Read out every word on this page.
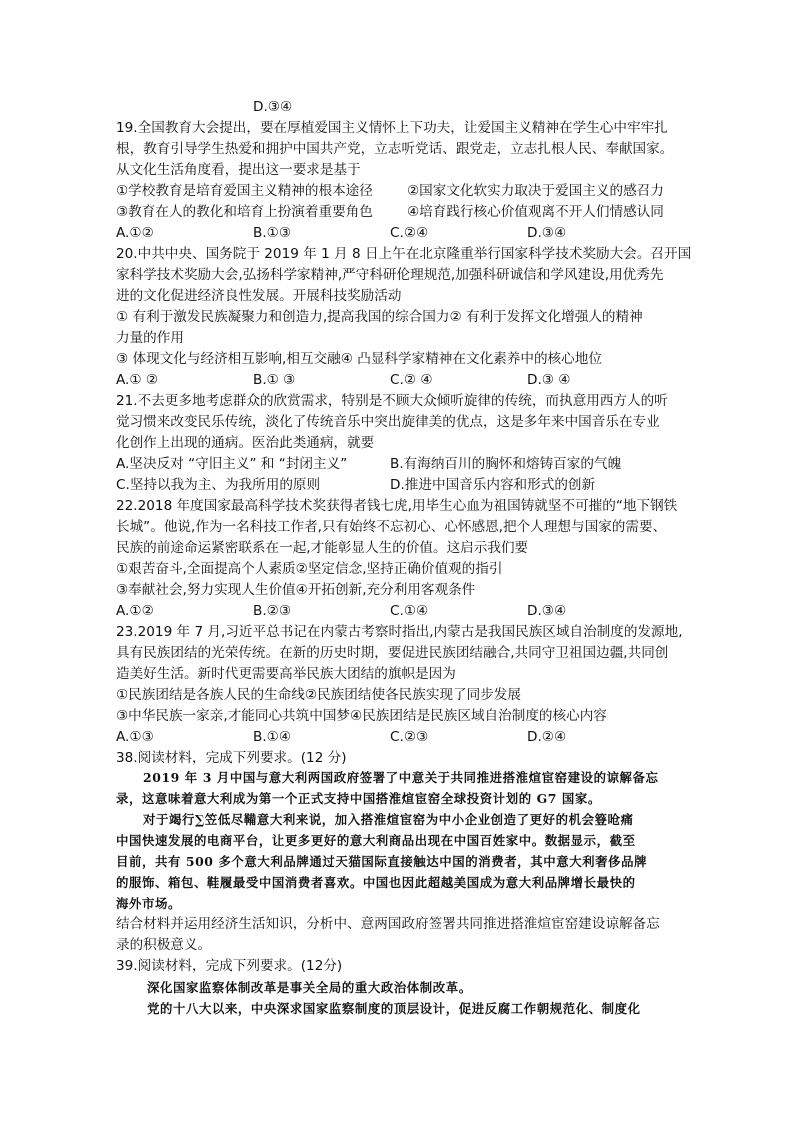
D.③④
19.全国教育大会提出，要在厚植爱国主义情怀上下功夫，让爱国主义精神在学生心中牢牢扎
根，教育引导学生热爱和拥护中国共产党，立志听党话、跟党走，立志扎根人民、奉献国家。
从文化生活角度看，提出这一要求是基于
①学校教育是培育爱国主义精神的根本途径	②国家文化软实力取决于爱国主义的感召力
③教育在人的教化和培育上扮演着重要角色	④培育践行核心价值观离不开人们情感认同
A.①②	B.①③	C.②④	D.③④
20.中共中央、国务院于 2019 年 1 月 8 日上午在北京隆重举行国家科学技术奖励大会。召开国
家科学技术奖励大会,弘扬科学家精神,严守科研伦理规范,加强科研诚信和学风建设,用优秀先
进的文化促进经济良性发展。开展科技奖励活动
① 有利于激发民族凝聚力和创造力,提高我国的综合国力② 有利于发挥文化增强人的精神
力量的作用
③ 体现文化与经济相互影响,相互交融④ 凸显科学家精神在文化素养中的核心地位
A.① ②	B.① ③	C.② ④	D.③ ④
21.不去更多地考虑群众的欣赏需求，特别是不顾大众倾听旋律的传统，而执意用西方人的听
觉习惯来改变民乐传统，淡化了传统音乐中突出旋律美的优点，这是多年来中国音乐在专业
化创作上出现的通病。医治此类通病，就要
A.坚决反对 “守旧主义” 和 “封闭主义”	B.有海纳百川的胸怀和熔铸百家的气魄
C.坚持以我为主、为我所用的原则	D.推进中国音乐内容和形式的创新
22.2018 年度国家最高科学技术奖获得者钱七虎,用毕生心血为祖国铸就坚不可摧的“地下钢铁
长城”。他说,作为一名科技工作者,只有始终不忘初心、心怀感恩,把个人理想与国家的需要、
民族的前途命运紧密联系在一起,才能彰显人生的价值。这启示我们要
①艰苦奋斗,全面提高个人素质②坚定信念,坚持正确价值观的指引
③奉献社会,努力实现人生价值④开拓创新,充分利用客观条件
A.①②	B.②③	C.①④	D.③④
23.2019 年 7 月,习近平总书记在内蒙古考察时指出,内蒙古是我国民族区域自治制度的发源地,
具有民族团结的光荣传统。在新的历史时期，要促进民族团结融合,共同守卫祖国边疆,共同创
造美好生活。新时代更需要高举民族大团结的旗帜是因为
①民族团结是各族人民的生命线②民族团结使各民族实现了同步发展
③中华民族一家亲,才能同心共筑中国梦④民族团结是民族区域自治制度的核心内容
A.①③	B.①④	C.②③	D.②④
38.阅读材料，完成下列要求。(12 分)
2019 年 3 月中国与意大利两国政府签署了中意关于共同推进搭淮煊宦窑建设的谅解备忘
录，这意味着意大利成为第一个正式支持中国搭淮煊宦窑全球投资计划的 G7 国家。
对于竭行∑笠低尽鞴意大利来说，加入搭淮煊宦窑为中小企业创造了更好的机会簦呛痛
中国快速发展的电商平台，让更多更好的意大利商品出现在中国百姓家中。数据显示，截至
目前，共有 500 多个意大利品牌通过天猫国际直接触达中国的消费者，其中意大利奢侈品牌
的服饰、箱包、鞋履最受中国消费者喜欢。中国也因此超越美国成为意大利品牌增长最快的
海外市场。
结合材料并运用经济生活知识，分析中、意两国政府签署共同推进搭淮煊宦窑建设谅解备忘
录的积极意义。
39.阅读材料，完成下列要求。(12分)
深化国家监察体制改革是事关全局的重大政治体制改革。
党的十八大以来，中央深求国家监察制度的顶层设计，促进反腐工作朝规范化、制度化
